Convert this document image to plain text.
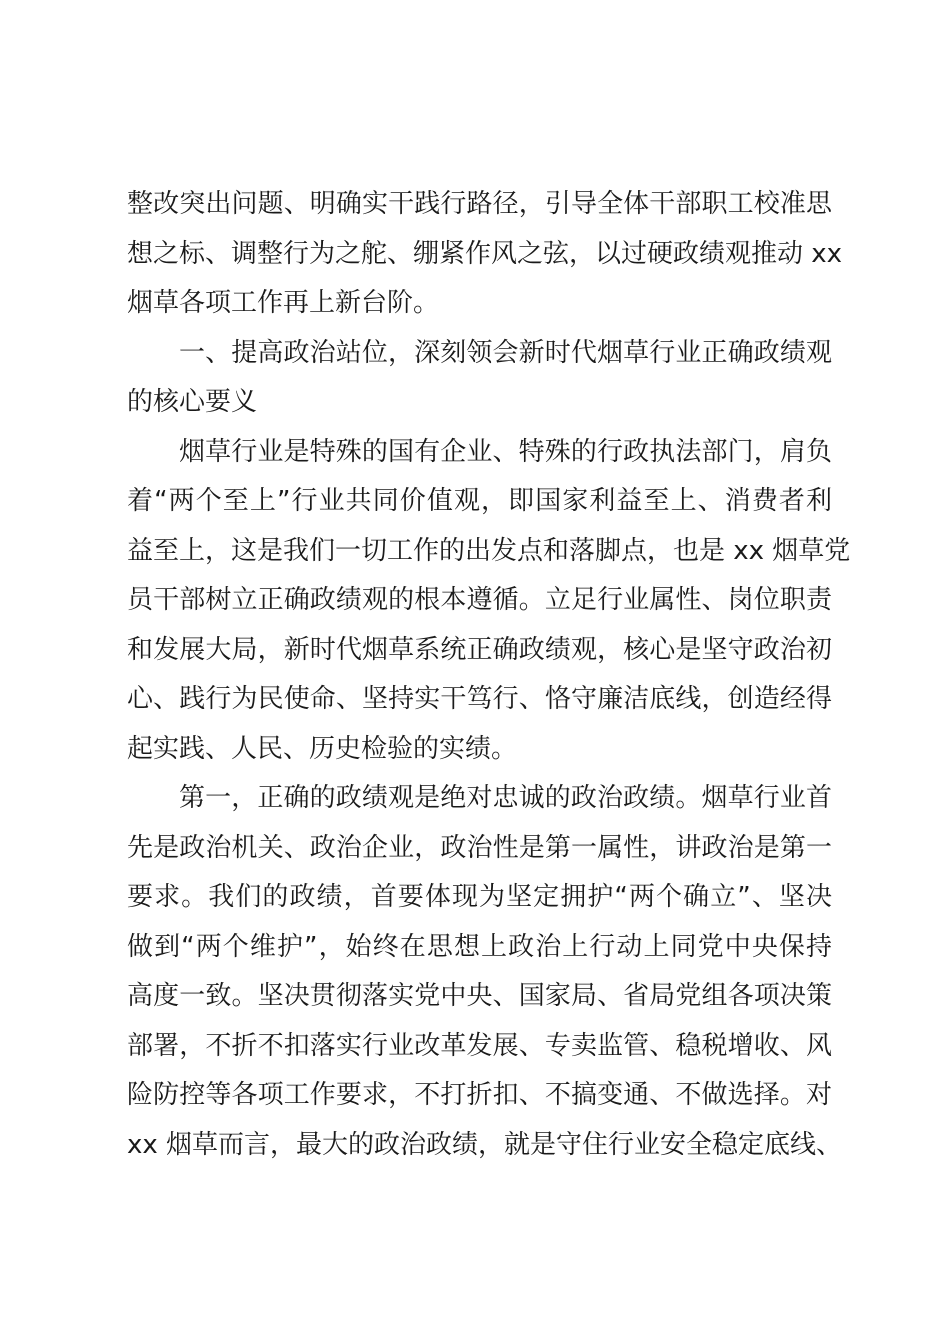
整改突出问题、明确实干践行路径，引导全体干部职工校准思
想之标、调整行为之舵、绷紧作风之弦，以过硬政绩观推动 xx
烟草各项工作再上新台阶。
一、提高政治站位，深刻领会新时代烟草行业正确政绩观
的核心要义
烟草行业是特殊的国有企业、特殊的行政执法部门，肩负
着“两个至上”行业共同价值观，即国家利益至上、消费者利
益至上，这是我们一切工作的出发点和落脚点，也是 xx 烟草党
员干部树立正确政绩观的根本遵循。立足行业属性、岗位职责
和发展大局，新时代烟草系统正确政绩观，核心是坚守政治初
心、践行为民使命、坚持实干笃行、恪守廉洁底线，创造经得
起实践、人民、历史检验的实绩。
第一，正确的政绩观是绝对忠诚的政治政绩。烟草行业首
先是政治机关、政治企业，政治性是第一属性，讲政治是第一
要求。我们的政绩，首要体现为坚定拥护“两个确立”、坚决
做到“两个维护”，始终在思想上政治上行动上同党中央保持
高度一致。坚决贯彻落实党中央、国家局、省局党组各项决策
部署，不折不扣落实行业改革发展、专卖监管、稳税增收、风
险防控等各项工作要求，不打折扣、不搞变通、不做选择。对
xx 烟草而言，最大的政治政绩，就是守住行业安全稳定底线、
